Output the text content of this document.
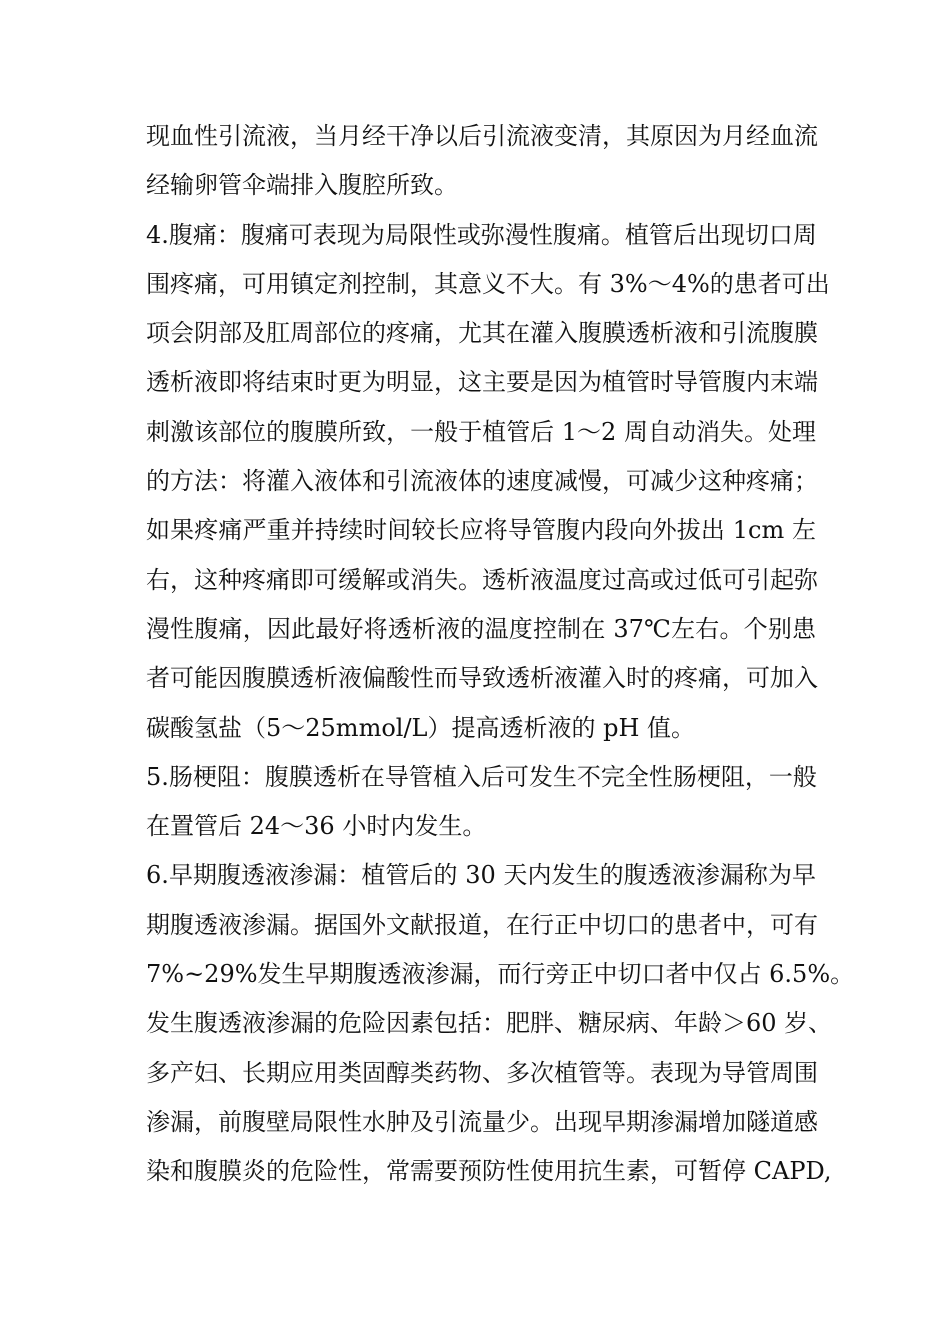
现血性引流液，当月经干净以后引流液变清，其原因为月经血流
经输卵管伞端排入腹腔所致。
4.腹痛：腹痛可表现为局限性或弥漫性腹痛。植管后出现切口周
围疼痛，可用镇定剂控制，其意义不大。有 3%～4%的患者可出
项会阴部及肛周部位的疼痛，尤其在灌入腹膜透析液和引流腹膜
透析液即将结束时更为明显，这主要是因为植管时导管腹内末端
刺激该部位的腹膜所致，一般于植管后 1～2 周自动消失。处理
的方法：将灌入液体和引流液体的速度减慢，可减少这种疼痛；
如果疼痛严重并持续时间较长应将导管腹内段向外拔出 1cm 左
右，这种疼痛即可缓解或消失。透析液温度过高或过低可引起弥
漫性腹痛，因此最好将透析液的温度控制在 37℃左右。个别患
者可能因腹膜透析液偏酸性而导致透析液灌入时的疼痛，可加入
碳酸氢盐（5～25mmol/L）提高透析液的 pH 值。
5.肠梗阻：腹膜透析在导管植入后可发生不完全性肠梗阻，一般
在置管后 24～36 小时内发生。
6.早期腹透液渗漏：植管后的 30 天内发生的腹透液渗漏称为早
期腹透液渗漏。据国外文献报道，在行正中切口的患者中，可有
7%~29%发生早期腹透液渗漏，而行旁正中切口者中仅占 6.5%。
发生腹透液渗漏的危险因素包括：肥胖、糖尿病、年龄＞60 岁、
多产妇、长期应用类固醇类药物、多次植管等。表现为导管周围
渗漏，前腹壁局限性水肿及引流量少。出现早期渗漏增加隧道感
染和腹膜炎的危险性，常需要预防性使用抗生素，可暂停 CAPD,
